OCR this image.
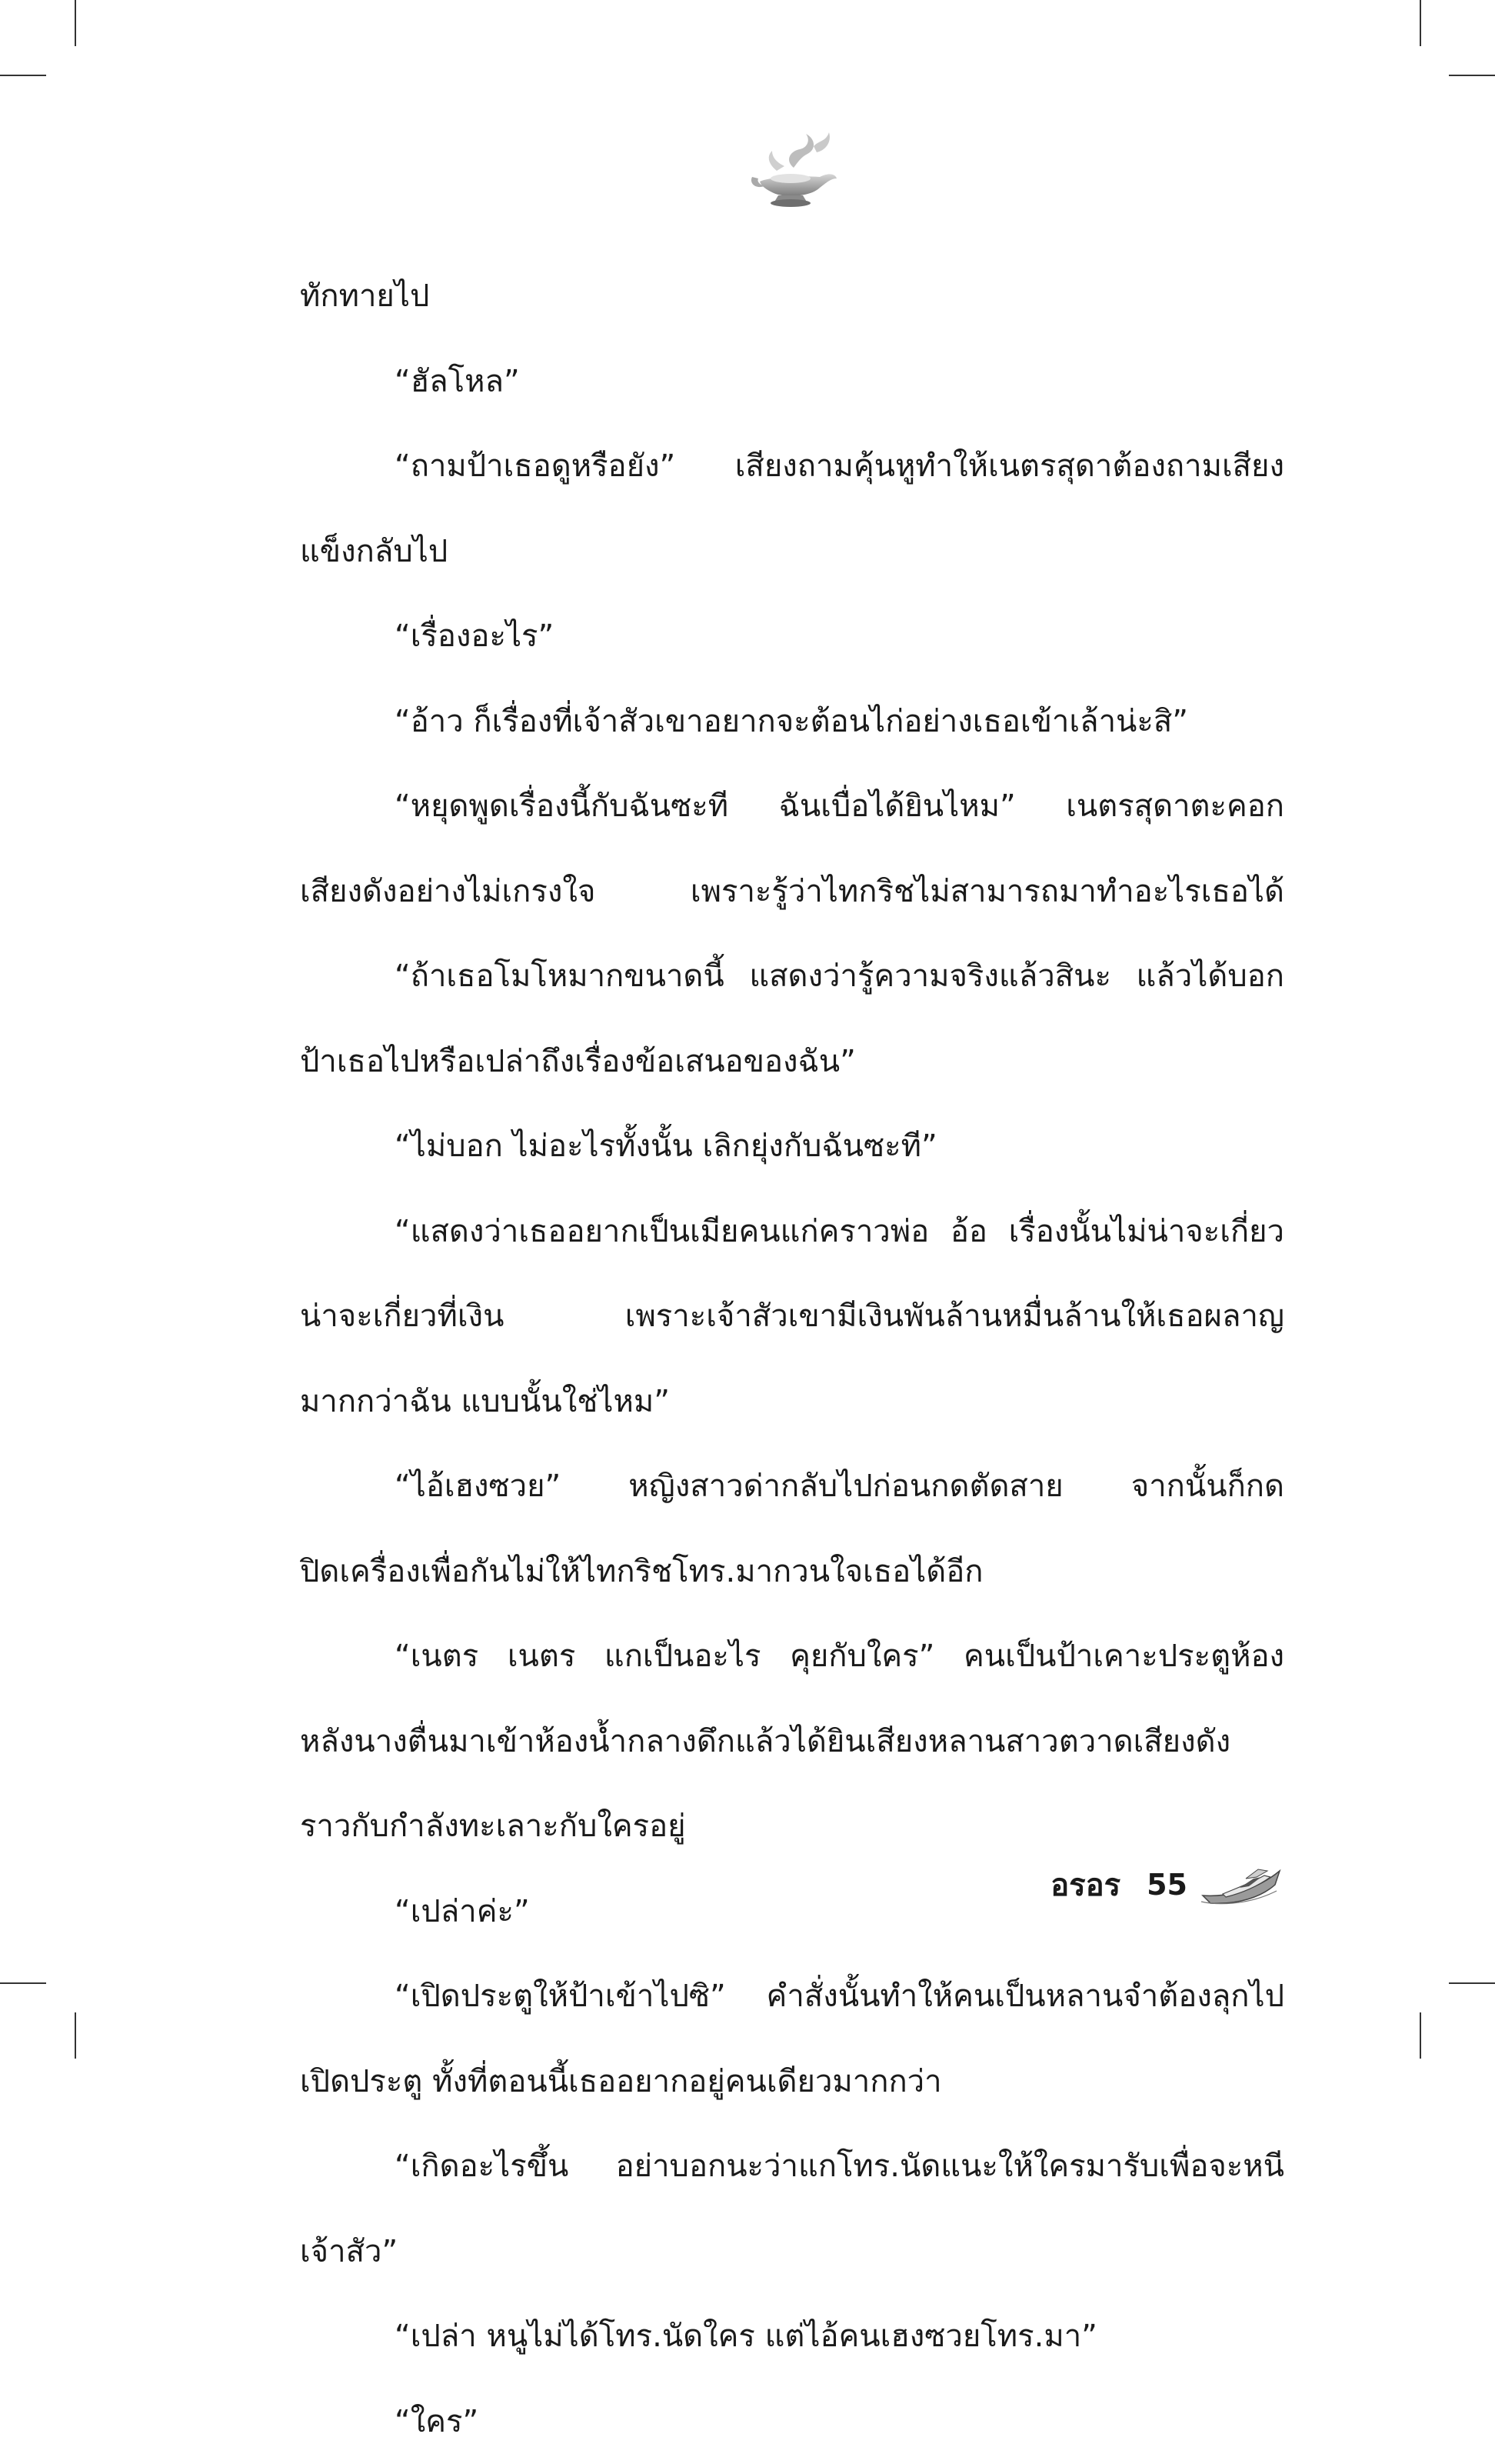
ทักทายไป
“ฮัลโหล”
“ถามป้าเธอดูหรือยัง” เสียงถามคุ้นหูทำให้เนตรสุดาต้องถามเสียง
แข็งกลับไป
“เรื่องอะไร”
“อ้าว ก็เรื่องที่เจ้าสัวเขาอยากจะต้อนไก่อย่างเธอเข้าเล้าน่ะสิ”
“หยุดพูดเรื่องนี้กับฉันซะที ฉันเบื่อได้ยินไหม” เนตรสุดาตะคอก
เสียงดังอย่างไม่เกรงใจ เพราะรู้ว่าไทกริชไม่สามารถมาทำอะไรเธอได้
“ถ้าเธอโมโหมากขนาดนี้ แสดงว่ารู้ความจริงแล้วสินะ แล้วได้บอก
ป้าเธอไปหรือเปล่าถึงเรื่องข้อเสนอของฉัน”
“ไม่บอก ไม่อะไรทั้งนั้น เลิกยุ่งกับฉันซะที”
“แสดงว่าเธออยากเป็นเมียคนแก่คราวพ่อ อ้อ เรื่องนั้นไม่น่าจะเกี่ยว
น่าจะเกี่ยวที่เงิน เพราะเจ้าสัวเขามีเงินพันล้านหมื่นล้านให้เธอผลาญ
มากกว่าฉัน แบบนั้นใช่ไหม”
“ไอ้เฮงซวย” หญิงสาวด่ากลับไปก่อนกดตัดสาย จากนั้นก็กด
ปิดเครื่องเพื่อกันไม่ให้ไทกริชโทร.มากวนใจเธอได้อีก
“เนตร เนตร แกเป็นอะไร คุยกับใคร” คนเป็นป้าเคาะประตูห้อง
หลังนางตื่นมาเข้าห้องน้ำกลางดึกแล้วได้ยินเสียงหลานสาวตวาดเสียงดัง
ราวกับกำลังทะเลาะกับใครอยู่
“เปล่าค่ะ”
“เปิดประตูให้ป้าเข้าไปซิ” คำสั่งนั้นทำให้คนเป็นหลานจำต้องลุกไป
เปิดประตู ทั้งที่ตอนนี้เธออยากอยู่คนเดียวมากกว่า
“เกิดอะไรขึ้น อย่าบอกนะว่าแกโทร.นัดแนะให้ใครมารับเพื่อจะหนี
เจ้าสัว”
“เปล่า หนูไม่ได้โทร.นัดใคร แต่ไอ้คนเฮงซวยโทร.มา”
“ใคร”
อรอร 55
